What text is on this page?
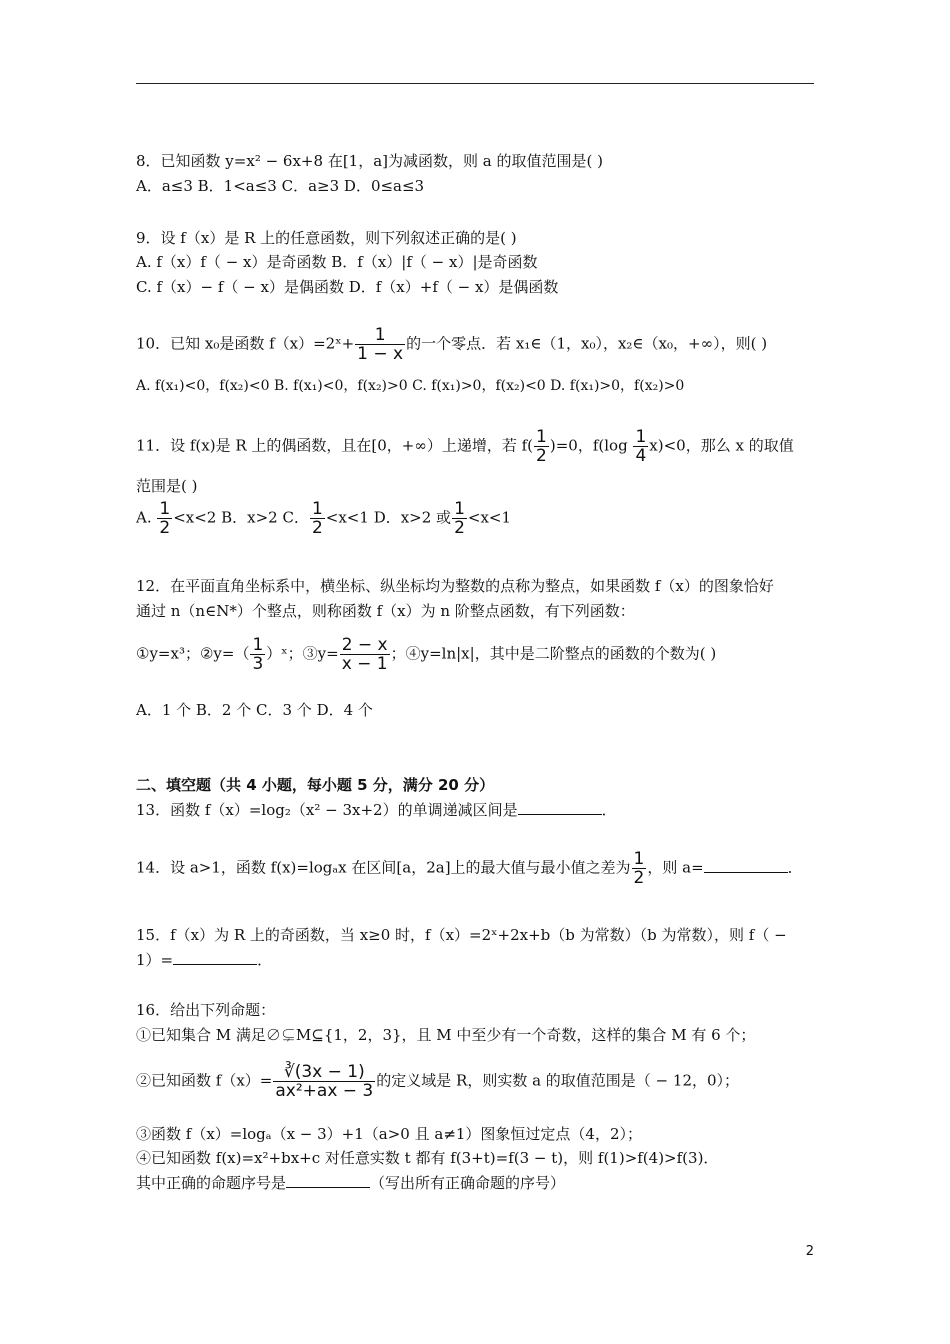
8．已知函数 y=x² − 6x+8 在[1，a]为减函数，则 a 的取值范围是( )
A．a≤3 B．1<a≤3 C．a≥3 D．0≤a≤3
9．设 f（x）是 R 上的任意函数，则下列叙述正确的是( )
A. f（x）f（ − x）是奇函数 B．f（x）|f（ − x）|是奇函数
C. f（x）− f（ − x）是偶函数 D．f（x）+f（ − x）是偶函数
10．已知 x₀是函数 f（x）=2ˣ+ $\frac{1}{1 - x}$ 的一个零点．若 x₁∈（1，x₀），x₂∈（x₀，+∞），则( )
A. f(x₁)<0，f(x₂)<0 B. f(x₁)<0，f(x₂)>0 C. f(x₁)>0，f(x₂)<0 D. f(x₁)>0，f(x₂)>0
11．设 f(x)是 R 上的偶函数，且在[0，+∞）上递增，若 $f( \frac{1}{2} )=0$，$f(\log \frac{1}{4} x)<0$，那么 x 的取值
范围是( )
A. $\frac{1}{2} <x<2$ B．x>2 C． $\frac{1}{2} <x<1$ D．x>2 或 $\frac{1}{2} <x<1$
12．在平面直角坐标系中，横坐标、纵坐标均为整数的点称为整点，如果函数 f（x）的图象恰好
通过 n（n∈N*）个整点，则称函数 f（x）为 n 阶整点函数，有下列函数：
①y=x³；②y=（ $\frac{1}{3}$ ）ˣ；③y= $\frac{2 - x}{x - 1}$ ；④y=ln|x|，其中是二阶整点的函数的个数为( )
A．1 个 B．2 个 C．3 个 D．4 个
二、填空题（共 4 小题，每小题 5 分，满分 20 分）
13．函数 f（x）=log₂（x² − 3x+2）的单调递减区间是	．
14．设 a>1，函数 f(x)=logₐx 在区间[a，2a]上的最大值与最小值之差为 $\frac{1}{2}$ ，则 a=	．
15．f（x）为 R 上的奇函数，当 x≥0 时，f（x）=2ˣ+2x+b（b 为常数）（b 为常数），则 f（ −
1）=	．
16．给出下列命题：
①已知集合 M 满足∅⊊M⊆{1，2，3}，且 M 中至少有一个奇数，这样的集合 M 有 6 个；
②已知函数 $f(x)= \frac{∛(3x - 1)}{\text{ax²+ax − 3}}$ 的定义域是 R，则实数 a 的取值范围是（ − 12，0）；
③函数 f（x）=logₐ（x − 3）+1（a>0 且 a≠1）图象恒过定点（4，2）；
④已知函数 f(x)=x²+bx+c 对任意实数 t 都有 f(3+t)=f(3 − t)，则 f(1)>f(4)>f(3)．
其中正确的命题序号是	（写出所有正确命题的序号）
2
